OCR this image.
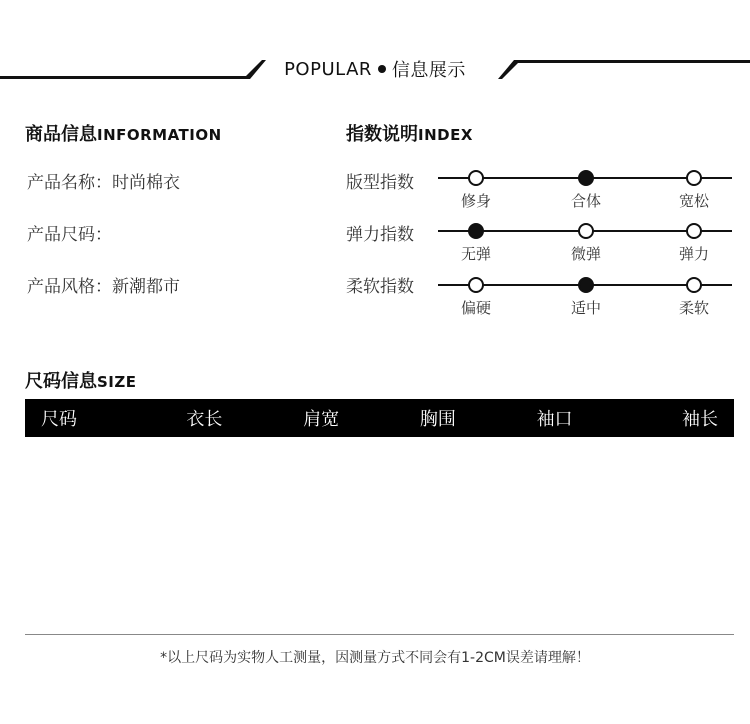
POPULAR 信息展示
商品信息INFORMATION
产品名称：时尚棉衣
产品尺码：
产品风格：新潮都市
指数说明INDEX
版型指数
修身	合体	宽松
弹力指数
无弹	微弹	弹力
柔软指数
偏硬	适中	柔软
尺码信息SIZE
尺码	衣长	肩宽	胸围	袖口	袖长
*以上尺码为实物人工测量，因测量方式不同会有1-2CM误差请理解！
